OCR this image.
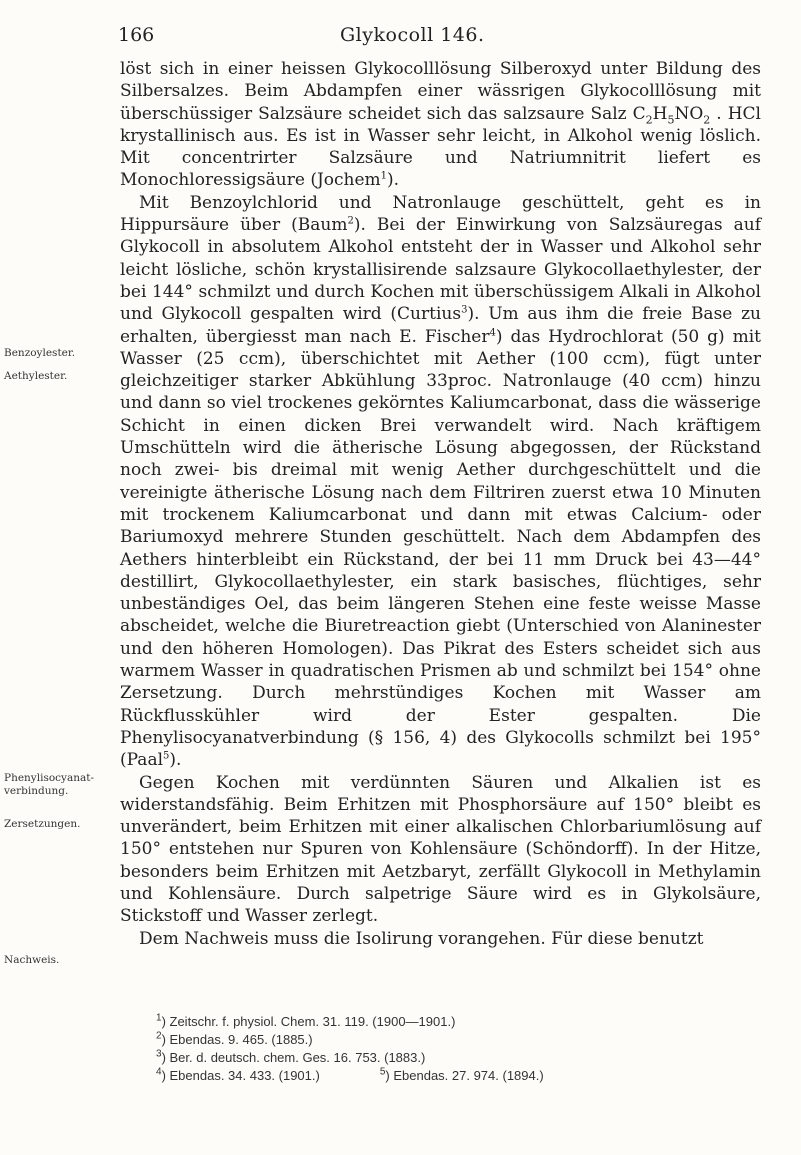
166	Glykocoll 146.
Benzoylester.
Aethylester.
Phenylisocyanat-verbindung.
Zersetzungen.
Nachweis.

löst sich in einer heissen Glykocolllösung Silberoxyd unter Bildung des Silbersalzes. Beim Abdampfen einer wässrigen Glykocolllösung mit überschüssiger Salzsäure scheidet sich das salzsaure Salz $C_2H_5NO_2$ . HCl krystallinisch aus. Es ist in Wasser sehr leicht, in Alkohol wenig löslich. Mit concentrirter Salzsäure und Natriumnitrit liefert es Monochloressigsäure (Jochem$^1$).

Mit Benzoylchlorid und Natronlauge geschüttelt, geht es in Hippursäure über (Baum$^2$). Bei der Einwirkung von Salzsäuregas auf Glykocoll in absolutem Alkohol entsteht der in Wasser und Alkohol sehr leicht lösliche, schön krystallisirende salzsaure Glykocollaethylester, der bei 144° schmilzt und durch Kochen mit überschüssigem Alkali in Alkohol und Glykocoll gespalten wird (Curtius$^3$). Um aus ihm die freie Base zu erhalten, übergiesst man nach E. Fischer$^4$) das Hydrochlorat (50 g) mit Wasser (25 ccm), überschichtet mit Aether (100 ccm), fügt unter gleichzeitiger starker Abkühlung 33proc. Natronlauge (40 ccm) hinzu und dann so viel trockenes gekörntes Kaliumcarbonat, dass die wässerige Schicht in einen dicken Brei verwandelt wird. Nach kräftigem Umschütteln wird die ätherische Lösung abgegossen, der Rückstand noch zwei- bis dreimal mit wenig Aether durchgeschüttelt und die vereinigte ätherische Lösung nach dem Filtriren zuerst etwa 10 Minuten mit trockenem Kaliumcarbonat und dann mit etwas Calcium- oder Bariumoxyd mehrere Stunden geschüttelt. Nach dem Abdampfen des Aethers hinterbleibt ein Rückstand, der bei 11 mm Druck bei 43—44° destillirt, Glykocollaethylester, ein stark basisches, flüchtiges, sehr unbeständiges Oel, das beim längeren Stehen eine feste weisse Masse abscheidet, welche die Biuretreaction giebt (Unterschied von Alaninester und den höheren Homologen). Das Pikrat des Esters scheidet sich aus warmem Wasser in quadratischen Prismen ab und schmilzt bei 154° ohne Zersetzung. Durch mehrstündiges Kochen mit Wasser am Rückflusskühler wird der Ester gespalten. Die Phenylisocyanatverbindung (§ 156, 4) des Glykocolls schmilzt bei 195° (Paal$^5$).

Gegen Kochen mit verdünnten Säuren und Alkalien ist es widerstandsfähig. Beim Erhitzen mit Phosphorsäure auf 150° bleibt es unverändert, beim Erhitzen mit einer alkalischen Chlorbariumlösung auf 150° entstehen nur Spuren von Kohlensäure (Schöndorff). In der Hitze, besonders beim Erhitzen mit Aetzbaryt, zerfällt Glykocoll in Methylamin und Kohlensäure. Durch salpetrige Säure wird es in Glykolsäure, Stickstoff und Wasser zerlegt.

Dem Nachweis muss die Isolirung vorangehen. Für diese benutzt

$^1$) Zeitschr. f. physiol. Chem. 31. 119. (1900—1901.)
$^2$) Ebendas. 9. 465. (1885.)
$^3$) Ber. d. deutsch. chem. Ges. 16. 753. (1883.)
$^4$) Ebendas. 34. 433. (1901.)	$^5$) Ebendas. 27. 974. (1894.)
